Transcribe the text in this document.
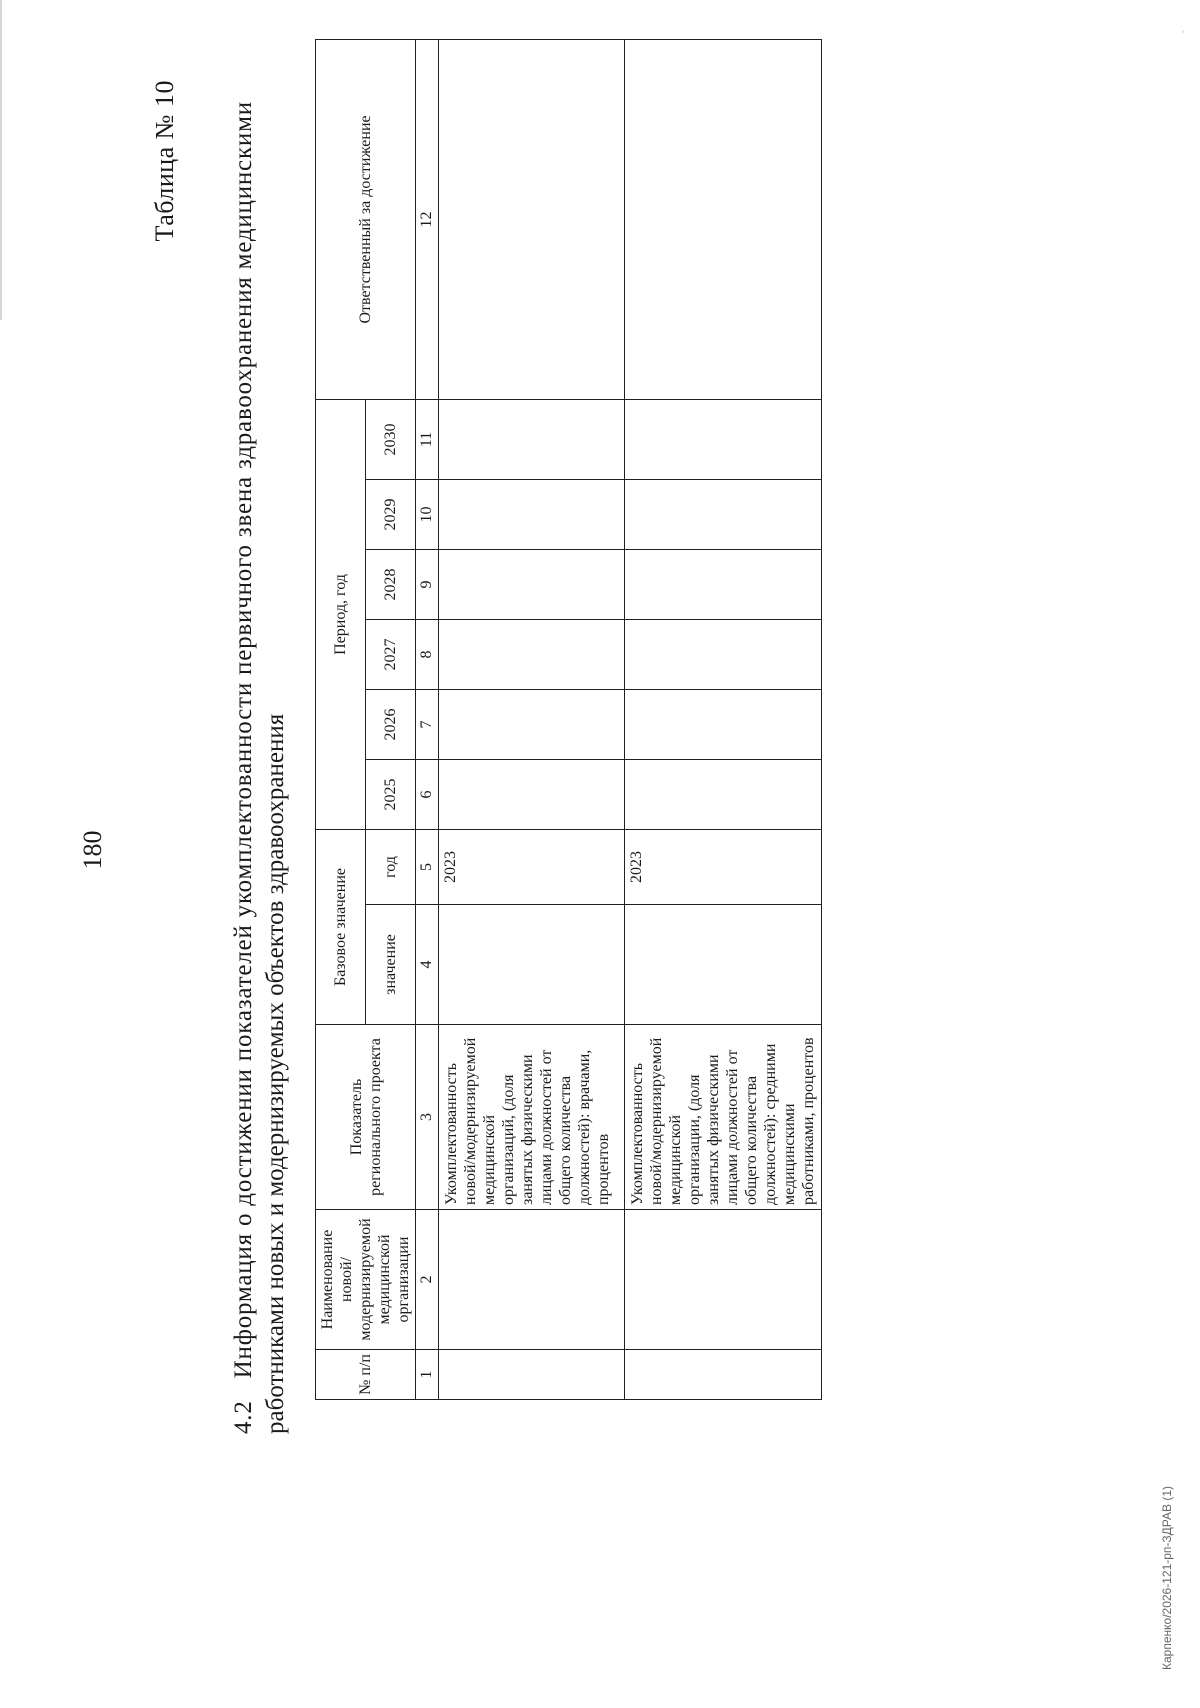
180
Таблица № 10
4.2Информация о достижении показателей укомплектованности первичного звена здравоохранения медицинскими работниками новых и модернизируемых объектов здравоохранения	№ п/п	Наименование новой/модернизируемой медицинской организации	Показатель регионального проекта	Базовое значение		Период, год						Ответственный за достижение
			значение	год	2025	2026	2027	2028	2029	2030	
1	2	3	4	5	6	7	8	9	10	11	12
		Укомплектованность новой/модернизируемой медицинской организаций, (доля занятых физическими лицами должностей от общего количества должностей): врачами, процентов		2023							
		Укомплектованность новой/модернизируемой медицинской организации, (доля занятых физическими лицами должностей от общего количества должностей): средними медицинскими работниками, процентов		2023							
Карпенко/2026-121-рп-ЗДРАВ (1)
-
